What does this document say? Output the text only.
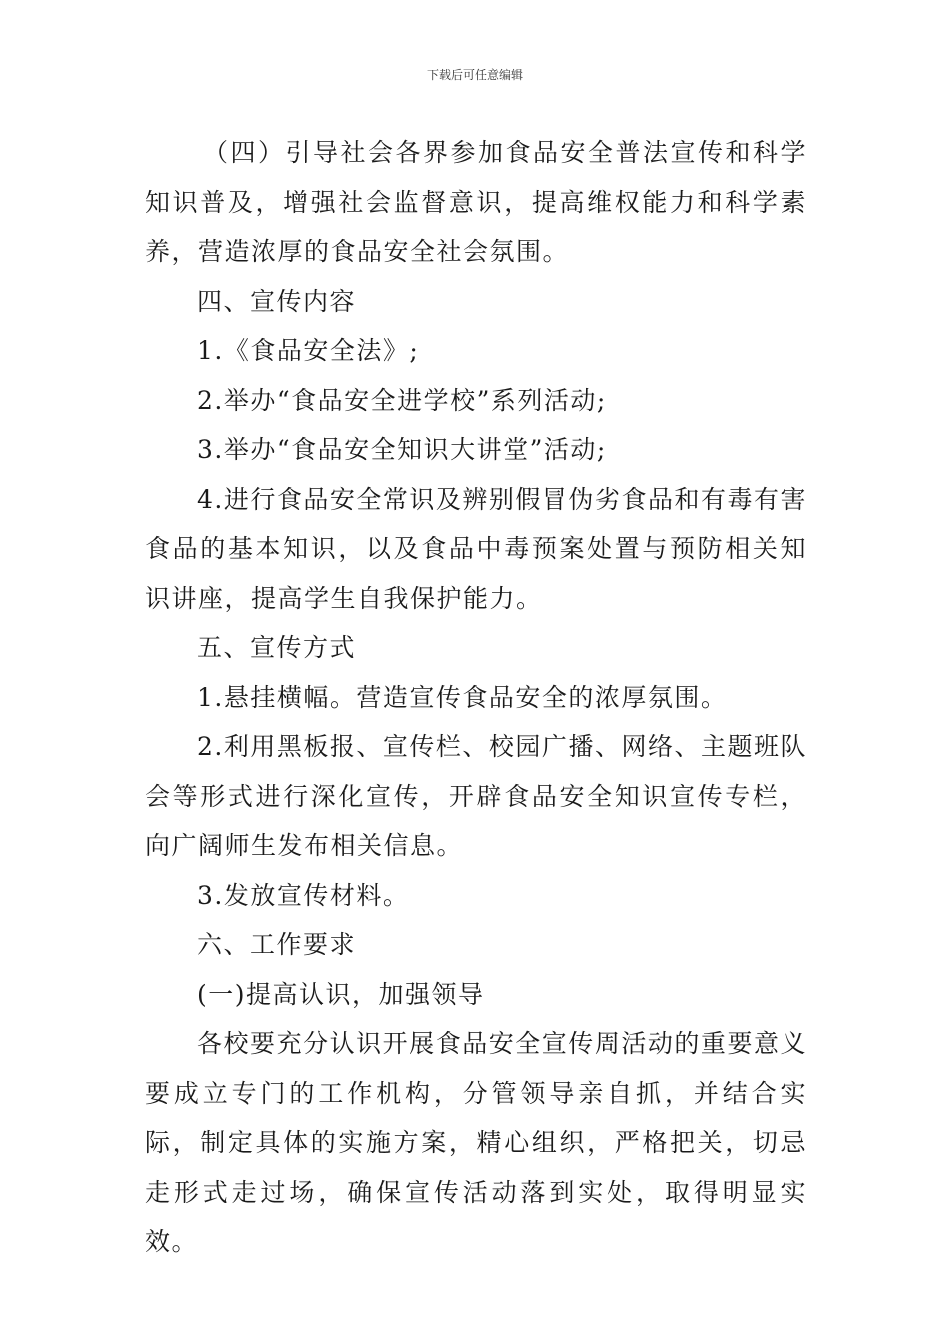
下载后可任意编辑

（四）引导社会各界参加食品安全普法宣传和科学知识普及，增强社会监督意识，提高维权能力和科学素养，营造浓厚的食品安全社会氛围。

四、宣传内容

1.《食品安全法》;

2.举办“食品安全进学校”系列活动;

3.举办“食品安全知识大讲堂”活动;

4.进行食品安全常识及辨别假冒伪劣食品和有毒有害食品的基本知识，以及食品中毒预案处置与预防相关知识讲座，提高学生自我保护能力。

五、宣传方式

1.悬挂横幅。营造宣传食品安全的浓厚氛围。

2.利用黑板报、宣传栏、校园广播、网络、主题班队会等形式进行深化宣传，开辟食品安全知识宣传专栏，向广阔师生发布相关信息。

3.发放宣传材料。

六、工作要求

(一)提高认识，加强领导

各校要充分认识开展食品安全宣传周活动的重要意义要成立专门的工作机构，分管领导亲自抓，并结合实际，制定具体的实施方案，精心组织，严格把关，切忌走形式走过场，确保宣传活动落到实处，取得明显实效。
